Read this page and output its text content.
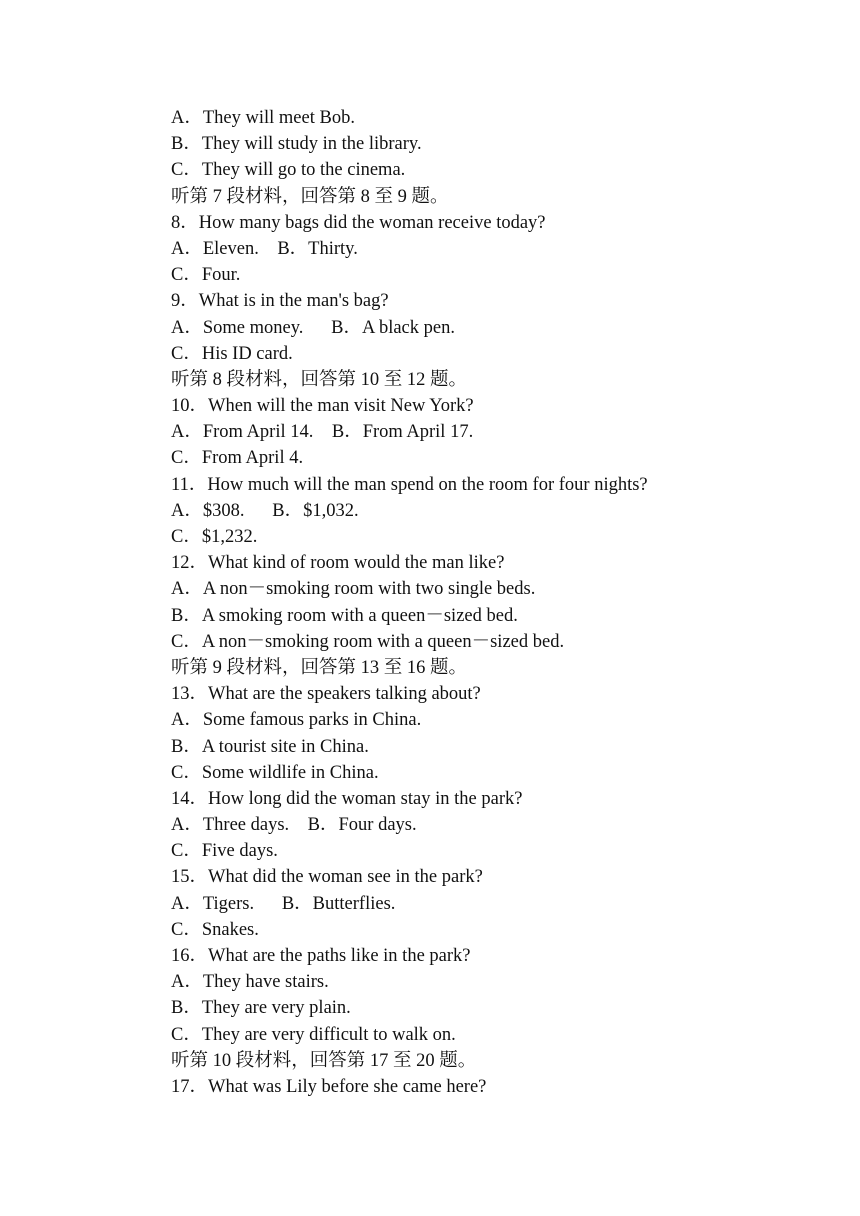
A．They will meet Bob.
B．They will study in the library.
C．They will go to the cinema.
听第 7 段材料，回答第 8 至 9 题。
8．How many bags did the woman receive today?
A．Eleven.    B．Thirty.
C．Four.
9．What is in the man's bag?
A．Some money.      B．A black pen.
C．His ID card.
听第 8 段材料，回答第 10 至 12 题。
10．When will the man visit New York?
A．From April 14.    B．From April 17.
C．From April 4.
11．How much will the man spend on the room for four nights?
A．$308.      B．$1,032.
C．$1,232.
12．What kind of room would the man like?
A．A non－smoking room with two single beds.
B．A smoking room with a queen－sized bed.
C．A non－smoking room with a queen－sized bed.
听第 9 段材料，回答第 13 至 16 题。
13．What are the speakers talking about?
A．Some famous parks in China.
B．A tourist site in China.
C．Some wildlife in China.
14．How long did the woman stay in the park?
A．Three days.    B．Four days.
C．Five days.
15．What did the woman see in the park?
A．Tigers.      B．Butterflies.
C．Snakes.
16．What are the paths like in the park?
A．They have stairs.
B．They are very plain.
C．They are very difficult to walk on.
听第 10 段材料，回答第 17 至 20 题。
17．What was Lily before she came here?
